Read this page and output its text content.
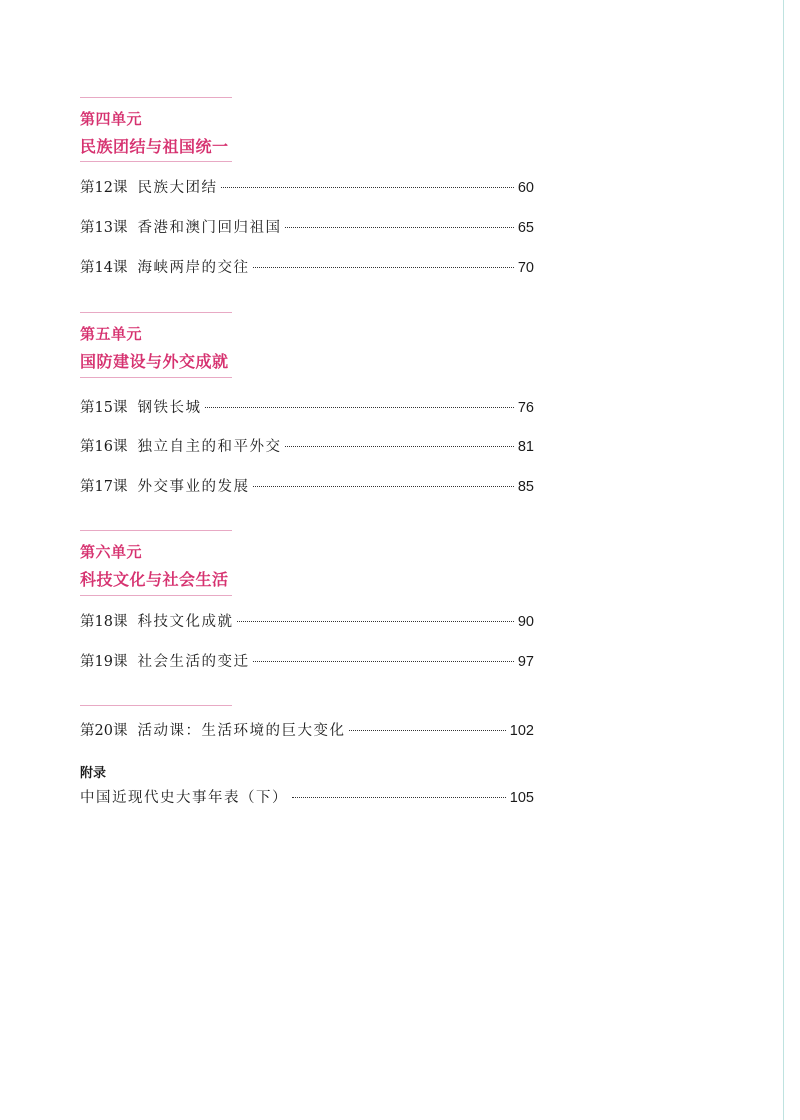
第四单元
民族团结与祖国统一
第12课 民族大团结	60
第13课 香港和澳门回归祖国	65
第14课 海峡两岸的交往	70
第五单元
国防建设与外交成就
第15课 钢铁长城	76
第16课 独立自主的和平外交	81
第17课 外交事业的发展	85
第六单元
科技文化与社会生活
第18课 科技文化成就	90
第19课 社会生活的变迁	97
第20课 活动课：生活环境的巨大变化	102
附录
中国近现代史大事年表（下）	105
